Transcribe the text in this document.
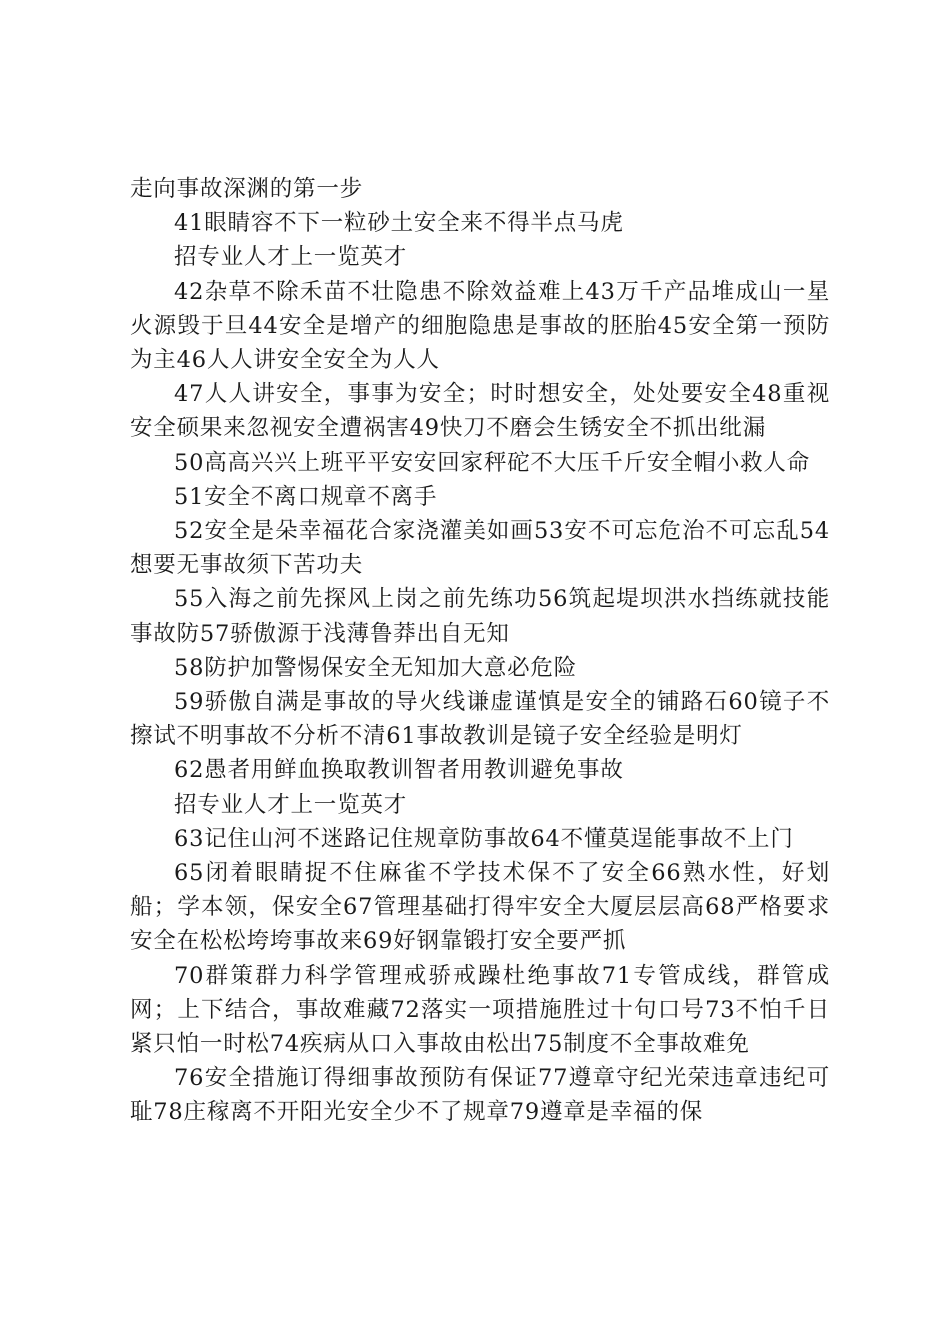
走向事故深渊的第一步

41眼睛容不下一粒砂土安全来不得半点马虎

招专业人才上一览英才

42杂草不除禾苗不壮隐患不除效益难上43万千产品堆成山一星火源毁于旦44安全是增产的细胞隐患是事故的胚胎45安全第一预防为主46人人讲安全安全为人人

47人人讲安全，事事为安全；时时想安全，处处要安全48重视安全硕果来忽视安全遭祸害49快刀不磨会生锈安全不抓出纰漏

50高高兴兴上班平平安安回家秤砣不大压千斤安全帽小救人命

51安全不离口规章不离手

52安全是朵幸福花合家浇灌美如画53安不可忘危治不可忘乱54想要无事故须下苦功夫

55入海之前先探风上岗之前先练功56筑起堤坝洪水挡练就技能事故防57骄傲源于浅薄鲁莽出自无知

58防护加警惕保安全无知加大意必危险

59骄傲自满是事故的导火线谦虚谨慎是安全的铺路石60镜子不擦试不明事故不分析不清61事故教训是镜子安全经验是明灯

62愚者用鲜血换取教训智者用教训避免事故

招专业人才上一览英才

63记住山河不迷路记住规章防事故64不懂莫逞能事故不上门

65闭着眼睛捉不住麻雀不学技术保不了安全66熟水性，好划船；学本领，保安全67管理基础打得牢安全大厦层层高68严格要求安全在松松垮垮事故来69好钢靠锻打安全要严抓

70群策群力科学管理戒骄戒躁杜绝事故71专管成线，群管成网；上下结合，事故难藏72落实一项措施胜过十句口号73不怕千日紧只怕一时松74疾病从口入事故由松出75制度不全事故难免

76安全措施订得细事故预防有保证77遵章守纪光荣违章违纪可耻78庄稼离不开阳光安全少不了规章79遵章是幸福的保
